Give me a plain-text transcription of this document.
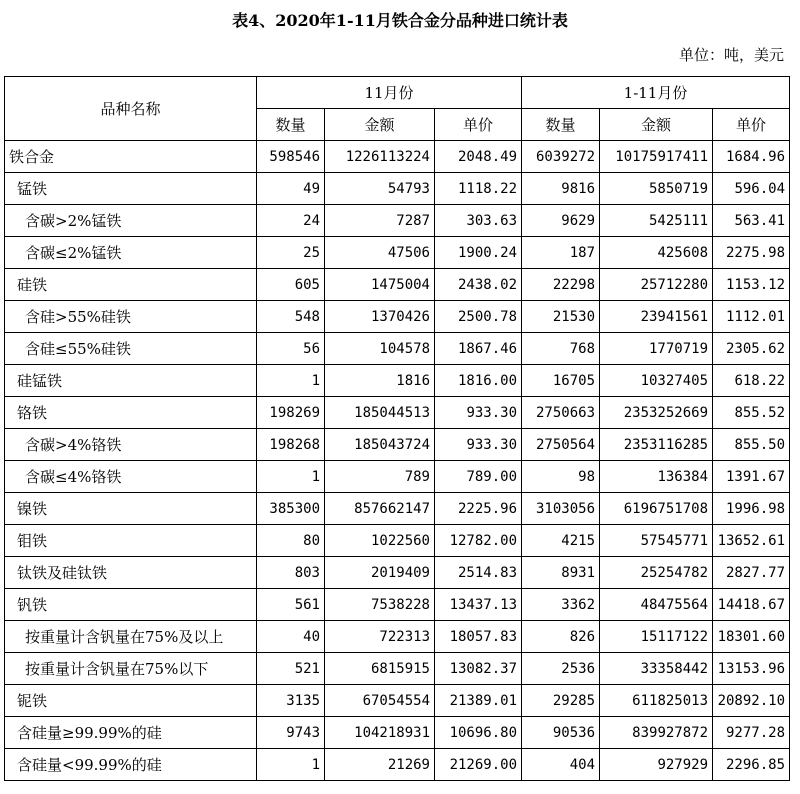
表4、2020年1-11月铁合金分品种进口统计表
单位：吨，美元
品种名称	11月份			1-11月份		
	数量	金额	单价	数量	金额	单价
铁合金	598546	1226113224	2048.49	6039272	10175917411	1684.96
锰铁	49	54793	1118.22	9816	5850719	596.04
含碳>2%锰铁	24	7287	303.63	9629	5425111	563.41
含碳≤2%锰铁	25	47506	1900.24	187	425608	2275.98
硅铁	605	1475004	2438.02	22298	25712280	1153.12
含硅>55%硅铁	548	1370426	2500.78	21530	23941561	1112.01
含硅≤55%硅铁	56	104578	1867.46	768	1770719	2305.62
硅锰铁	1	1816	1816.00	16705	10327405	618.22
铬铁	198269	185044513	933.30	2750663	2353252669	855.52
含碳>4%铬铁	198268	185043724	933.30	2750564	2353116285	855.50
含碳≤4%铬铁	1	789	789.00	98	136384	1391.67
镍铁	385300	857662147	2225.96	3103056	6196751708	1996.98
钼铁	80	1022560	12782.00	4215	57545771	13652.61
钛铁及硅钛铁	803	2019409	2514.83	8931	25254782	2827.77
钒铁	561	7538228	13437.13	3362	48475564	14418.67
按重量计含钒量在75%及以上	40	722313	18057.83	826	15117122	18301.60
按重量计含钒量在75%以下	521	6815915	13082.37	2536	33358442	13153.96
铌铁	3135	67054554	21389.01	29285	611825013	20892.10
含硅量≥99.99%的硅	9743	104218931	10696.80	90536	839927872	9277.28
含硅量<99.99%的硅	1	21269	21269.00	404	927929	2296.85
